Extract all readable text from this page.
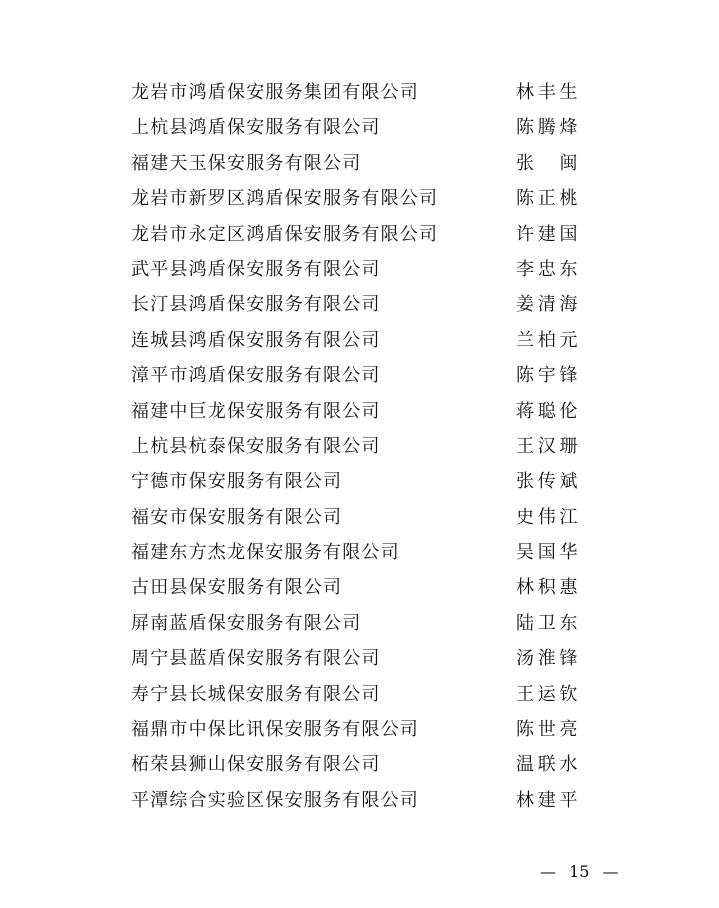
龙岩市鸿盾保安服务集团有限公司	林丰生
上杭县鸿盾保安服务有限公司	陈腾烽
福建天玉保安服务有限公司	张闽
龙岩市新罗区鸿盾保安服务有限公司	陈正桃
龙岩市永定区鸿盾保安服务有限公司	许建国
武平县鸿盾保安服务有限公司	李忠东
长汀县鸿盾保安服务有限公司	姜清海
连城县鸿盾保安服务有限公司	兰柏元
漳平市鸿盾保安服务有限公司	陈宇锋
福建中巨龙保安服务有限公司	蒋聪伦
上杭县杭泰保安服务有限公司	王汉珊
宁德市保安服务有限公司	张传斌
福安市保安服务有限公司	史伟江
福建东方杰龙保安服务有限公司	吴国华
古田县保安服务有限公司	林积惠
屏南蓝盾保安服务有限公司	陆卫东
周宁县蓝盾保安服务有限公司	汤淮锋
寿宁县长城保安服务有限公司	王运钦
福鼎市中保比讯保安服务有限公司	陈世亮
柘荣县狮山保安服务有限公司	温联水
平潭综合实验区保安服务有限公司	林建平
— 15 —
